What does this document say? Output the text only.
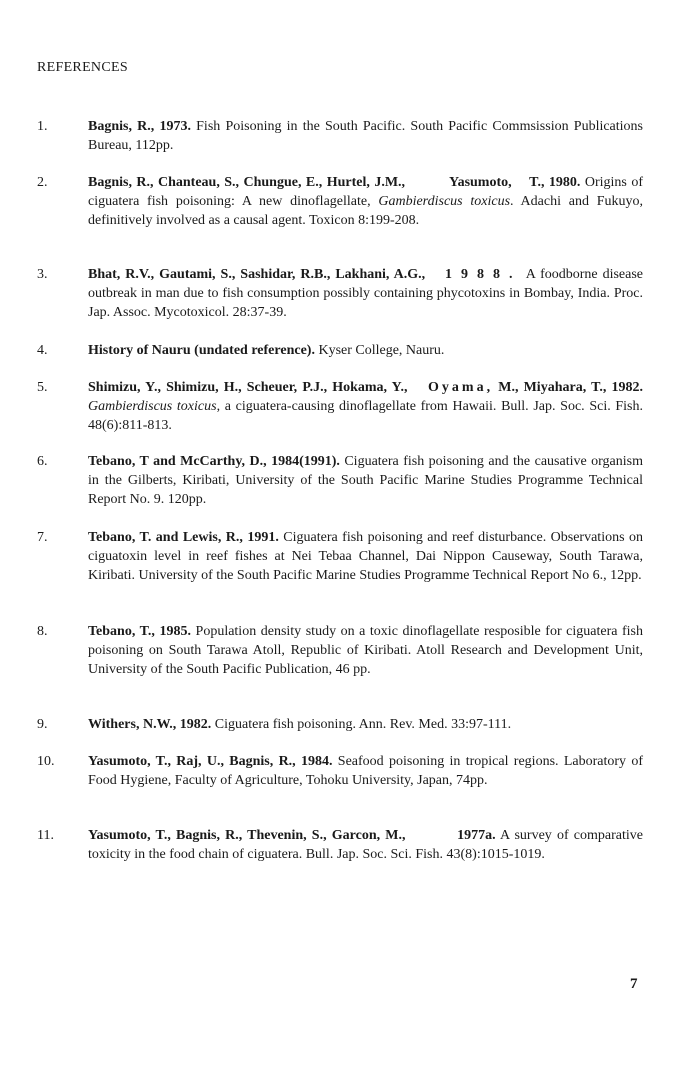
REFERENCES
1.	Bagnis, R., 1973. Fish Poisoning in the South Pacific. South Pacific Commsission Publications Bureau, 112pp.
2.	Bagnis, R., Chanteau, S., Chungue, E., Hurtel, J.M.,          Yasumoto,    T., 1980. Origins of ciguatera fish poisoning: A new dinoflagellate, Gambierdiscus toxicus. Adachi and Fukuyo, definitively involved as a causal agent. Toxicon 8:199-208.
3.	Bhat, R.V., Gautami, S., Sashidar, R.B., Lakhani, A.G., 1988. A foodborne disease outbreak in man due to fish consumption possibly containing phycotoxins in Bombay, India. Proc. Jap. Assoc. Mycotoxicol. 28:37-39.
4.	History of Nauru (undated reference). Kyser College, Nauru.
5.	Shimizu, Y., Shimizu, H., Scheuer, P.J., Hokama, Y., Oyama, M., Miyahara, T., 1982. Gambierdiscus toxicus, a ciguatera-causing dinoflagellate from Hawaii. Bull. Jap. Soc. Sci. Fish. 48(6):811-813.
6.	Tebano, T and McCarthy, D., 1984(1991). Ciguatera fish poisoning and the causative organism in the Gilberts, Kiribati, University of the South Pacific Marine Studies Programme Technical Report No. 9. 120pp.
7.	Tebano, T. and Lewis, R., 1991. Ciguatera fish poisoning and reef disturbance. Observations on ciguatoxin level in reef fishes at Nei Tebaa Channel, Dai Nippon Causeway, South Tarawa, Kiribati. University of the South Pacific Marine Studies Programme Technical Report No 6., 12pp.
8.	Tebano, T., 1985. Population density study on a toxic dinoflagellate resposible for ciguatera fish poisoning on South Tarawa Atoll, Republic of Kiribati. Atoll Research and Development Unit, University of the South Pacific Publication, 46 pp.
9.	Withers, N.W., 1982. Ciguatera fish poisoning. Ann. Rev. Med. 33:97-111.
10.	Yasumoto, T., Raj, U., Bagnis, R., 1984. Seafood poisoning in tropical regions. Laboratory of Food Hygiene, Faculty of Agriculture, Tohoku University, Japan, 74pp.
11.	Yasumoto, T., Bagnis, R., Thevenin, S., Garcon, M.,          1977a. A survey of comparative toxicity in the food chain of ciguatera. Bull. Jap. Soc. Sci. Fish. 43(8):1015-1019.
7
